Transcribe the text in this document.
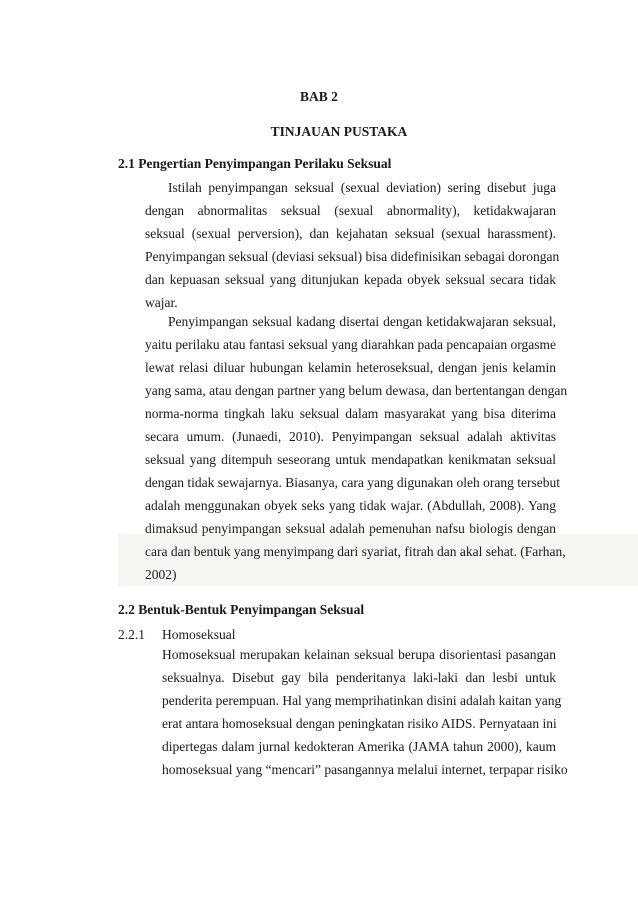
BAB 2
TINJAUAN PUSTAKA
2.1 Pengertian Penyimpangan Perilaku Seksual
Istilah penyimpangan seksual (sexual deviation) sering disebut juga
dengan abnormalitas seksual (sexual abnormality), ketidakwajaran
seksual (sexual perversion), dan kejahatan seksual (sexual harassment).
Penyimpangan seksual (deviasi seksual) bisa didefinisikan sebagai dorongan
dan kepuasan seksual yang ditunjukan kepada obyek seksual secara tidak
wajar.
Penyimpangan seksual kadang disertai dengan ketidakwajaran seksual,
yaitu perilaku atau fantasi seksual yang diarahkan pada pencapaian orgasme
lewat relasi diluar hubungan kelamin heteroseksual, dengan jenis kelamin
yang sama, atau dengan partner yang belum dewasa, dan bertentangan dengan
norma-norma tingkah laku seksual dalam masyarakat yang bisa diterima
secara umum. (Junaedi, 2010). Penyimpangan seksual adalah aktivitas
seksual yang ditempuh seseorang untuk mendapatkan kenikmatan seksual
dengan tidak sewajarnya. Biasanya, cara yang digunakan oleh orang tersebut
adalah menggunakan obyek seks yang tidak wajar. (Abdullah, 2008). Yang
dimaksud penyimpangan seksual adalah pemenuhan nafsu biologis dengan
cara dan bentuk yang menyimpang dari syariat, fitrah dan akal sehat. (Farhan,
2002)
2.2 Bentuk-Bentuk Penyimpangan Seksual
2.2.1 Homoseksual
Homoseksual merupakan kelainan seksual berupa disorientasi pasangan
seksualnya. Disebut gay bila penderitanya laki-laki dan lesbi untuk
penderita perempuan. Hal yang memprihatinkan disini adalah kaitan yang
erat antara homoseksual dengan peningkatan risiko AIDS. Pernyataan ini
dipertegas dalam jurnal kedokteran Amerika (JAMA tahun 2000), kaum
homoseksual yang “mencari” pasangannya melalui internet, terpapar risiko
